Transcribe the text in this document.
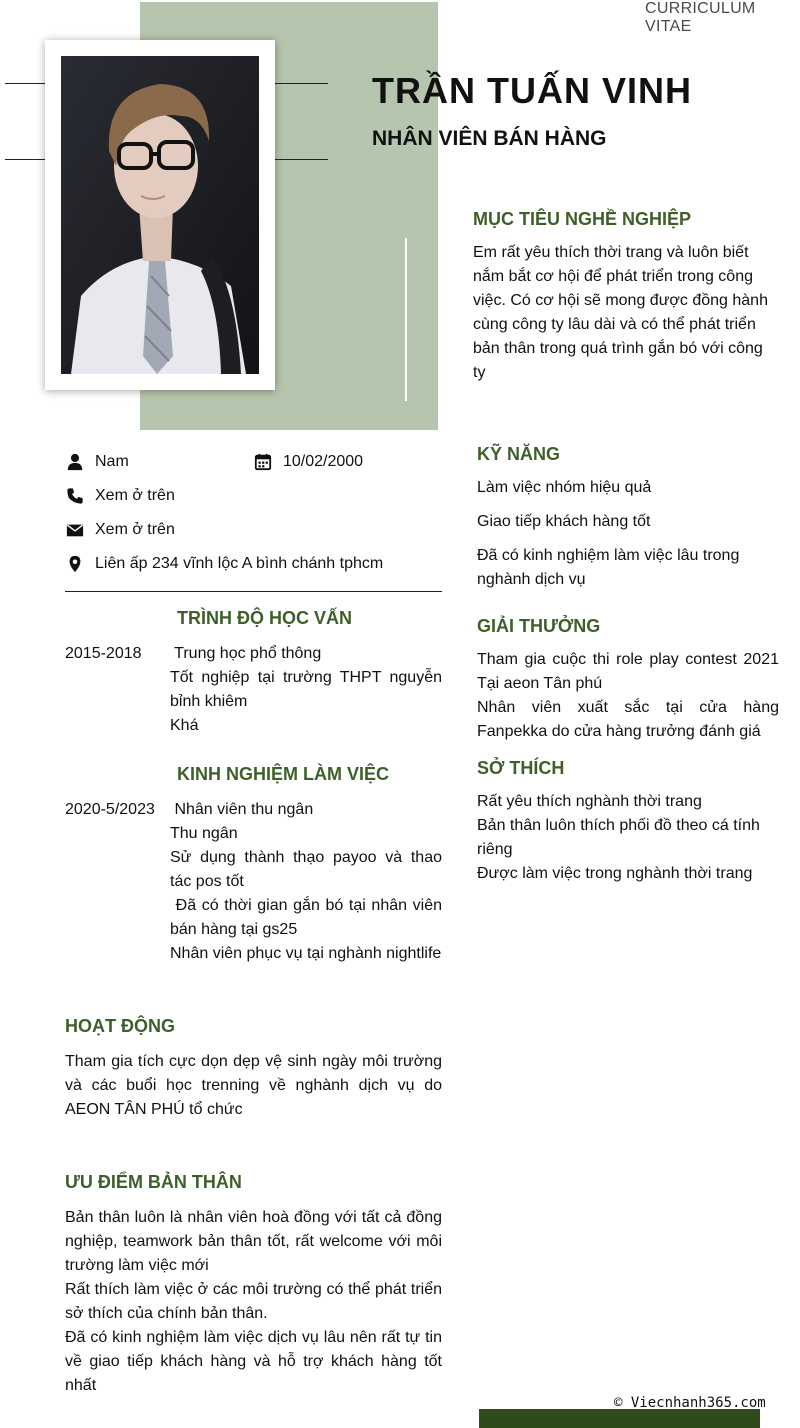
CURRICULUM VITAE
TRẦN TUẤN VINH
NHÂN VIÊN BÁN HÀNG
MỤC TIÊU NGHỀ NGHIỆP
Em rất yêu thích thời trang và luôn biết
nắm bắt cơ hội để phát triển trong công
việc. Có cơ hội sẽ mong được đồng hành
cùng công ty lâu dài và có thể phát triển
bản thân trong quá trình gắn bó với công
ty
Nam	10/02/2000
Xem ở trên
Xem ở trên
Liên ấp 234 vĩnh lộc A bình chánh tphcm
TRÌNH ĐỘ HỌC VẤN
2015-2018 Trung học phổ thông
Tốt nghiệp tại trường THPT nguyễn bỉnh khiêm
Khá
KINH NGHIỆM LÀM VIỆC
2020-5/2023 Nhân viên thu ngân
Thu ngân
Sử dụng thành thạo payoo và thao tác pos tốt
Đã có thời gian gắn bó tại nhân viên bán hàng tại gs25
Nhân viên phục vụ tại nghành nightlife
HOẠT ĐỘNG
Tham gia tích cực dọn dẹp vệ sinh ngày môi trường  và các buổi học trenning về nghành dịch vụ do AEON TÂN PHÚ tổ chức
ƯU ĐIỂM BẢN THÂN
Bản thân luôn là nhân viên hoà đồng với tất cả đồng nghiệp, teamwork bản thân tốt, rất welcome với môi trường làm việc mới
Rất thích làm việc ở các môi trường có thể phát triển sở thích của chính bản thân.
Đã có kinh nghiệm làm việc dịch vụ lâu nên rất tự tin về giao tiếp khách hàng và hỗ trợ khách hàng tốt nhất
KỸ NĂNG
Làm việc nhóm hiệu quả
Giao tiếp khách hàng tốt
Đã có kinh nghiệm làm việc lâu trong nghành dịch vụ
GIẢI THƯỞNG
Tham gia cuộc thi role play contest 2021 Tại aeon Tân phú
Nhân viên xuất sắc tại cửa hàng Fanpekka do cửa hàng trưởng đánh giá
SỞ THÍCH
Rất yêu thích nghành thời trang
Bản thân luôn thích phối đồ theo cá tính riêng
Được làm việc trong nghành thời trang
© Viecnhanh365.com
